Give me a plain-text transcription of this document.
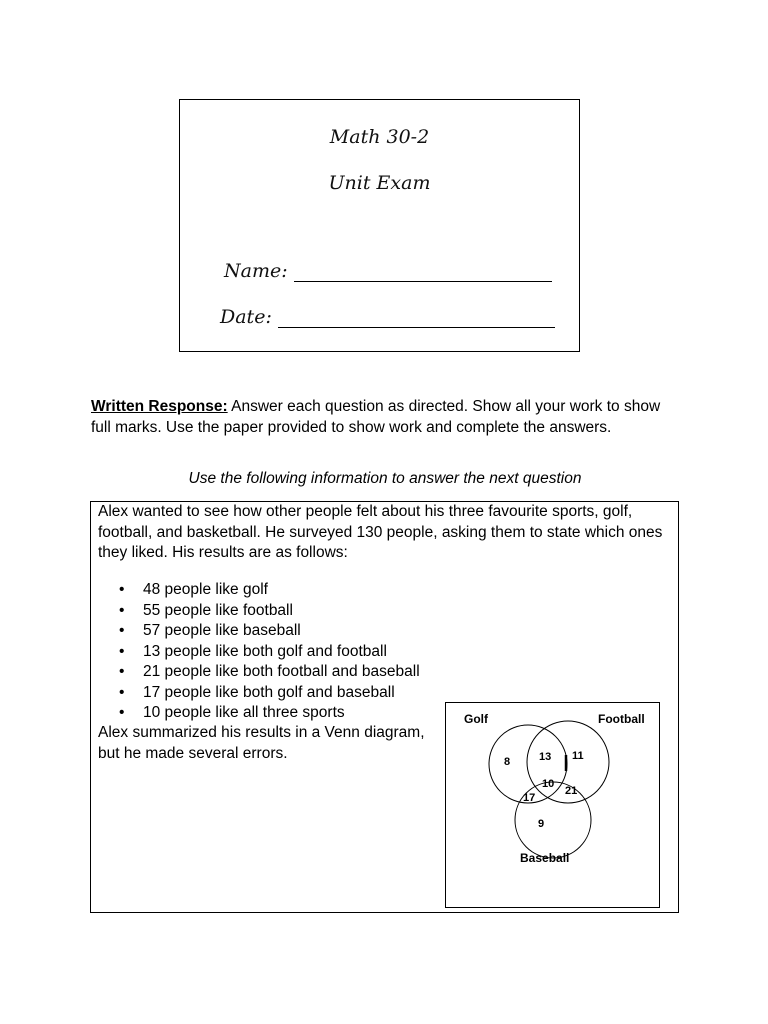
Math 30-2
Unit Exam
Name:
Date:
Written Response: Answer each question as directed. Show all your work to show full marks. Use the paper provided to show work and complete the answers.
Use the following information to answer the next question
Alex wanted to see how other people felt about his three favourite sports, golf, football, and basketball. He surveyed 130 people, asking them to state which ones they liked. His results are as follows:
• 48 people like golf
• 55 people like football
• 57 people like baseball
• 13 people like both golf and football
• 21 people like both football and baseball
• 17 people like both golf and baseball
• 10 people like all three sports
Alex summarized his results in a Venn diagram, but he made several errors.
Golf	Football
Baseball
8	13 11
10
17
21
9
